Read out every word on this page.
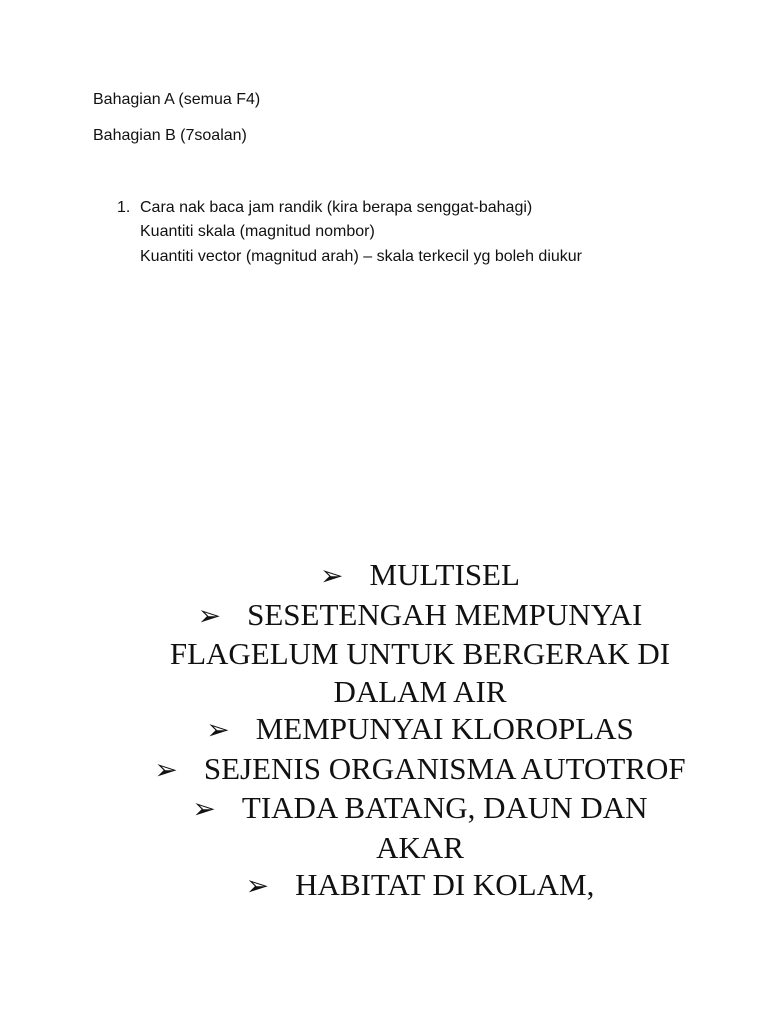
Bahagian A (semua F4)
Bahagian B (7soalan)
1. Cara nak baca jam randik (kira berapa senggat-bahagi)
Kuantiti skala (magnitud nombor)
Kuantiti vector (magnitud arah) – skala terkecil yg boleh diukur
➢ MULTISEL
➢ SESETENGAH MEMPUNYAI FLAGELUM UNTUK BERGERAK DI DALAM AIR
➢ MEMPUNYAI KLOROPLAS
➢ SEJENIS ORGANISMA AUTOTROF
➢ TIADA BATANG, DAUN DAN AKAR
➢ HABITAT DI KOLAM,
